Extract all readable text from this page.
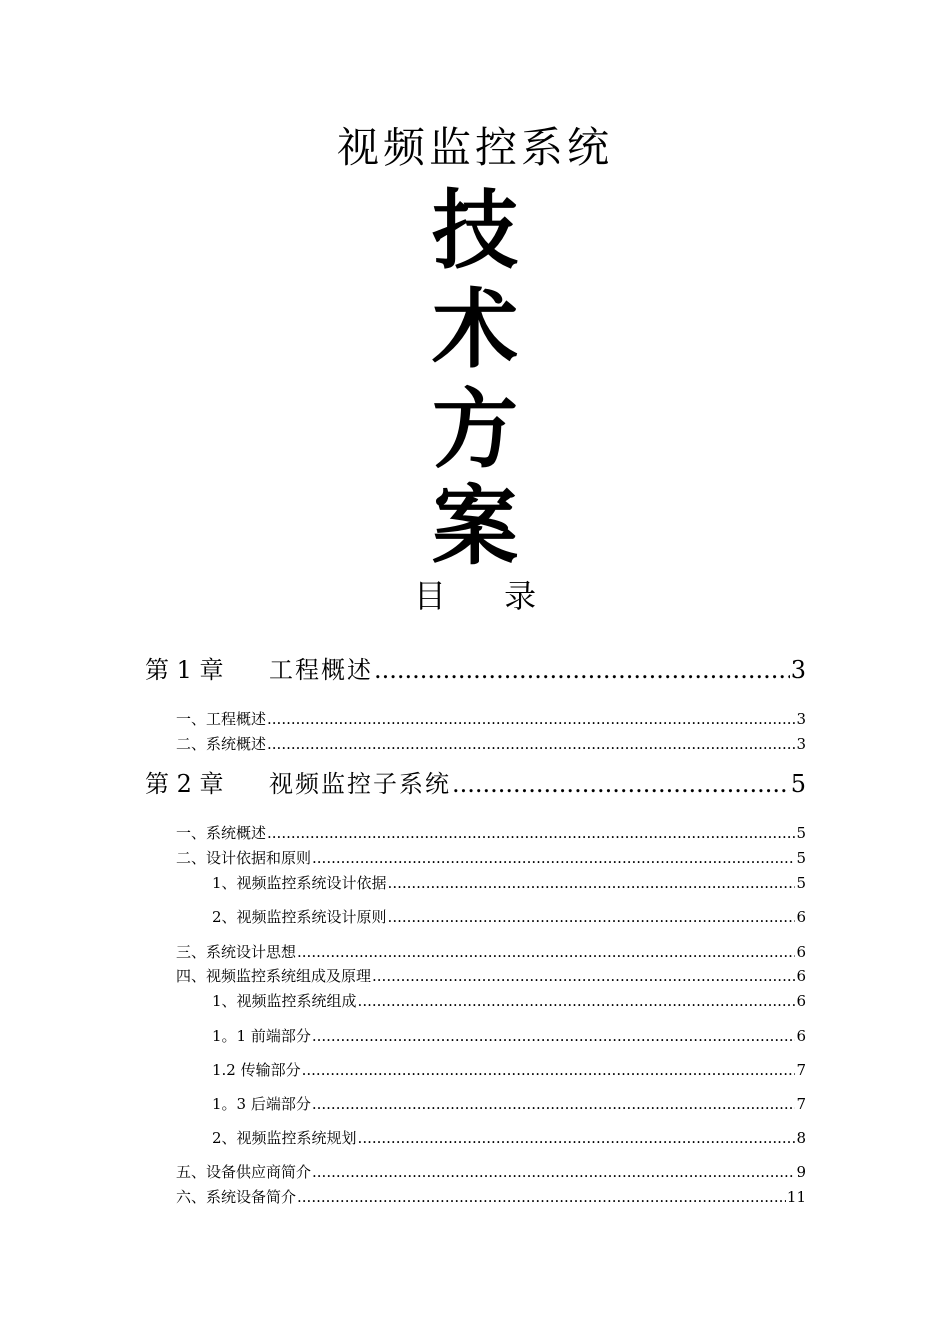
视频监控系统
技
术
方
案
目 录
第 1 章	工程概述 .....	3
一、工程概述 .....	3
二、系统概述 .....	3
第 2 章	视频监控子系统 .....	5
一、系统概述 .....	5
二、设计依据和原则 .....	5
1、视频监控系统设计依据 .....	5
2、视频监控系统设计原则 .....	6
三、系统设计思想 .....	6
四、视频监控系统组成及原理 .....	6
1、视频监控系统组成 .....	6
1。1 前端部分 .....	6
1.2 传输部分 .....	7
1。3 后端部分 .....	7
2、视频监控系统规划 .....	8
五、设备供应商简介 .....	9
六、系统设备简介 .....	11
